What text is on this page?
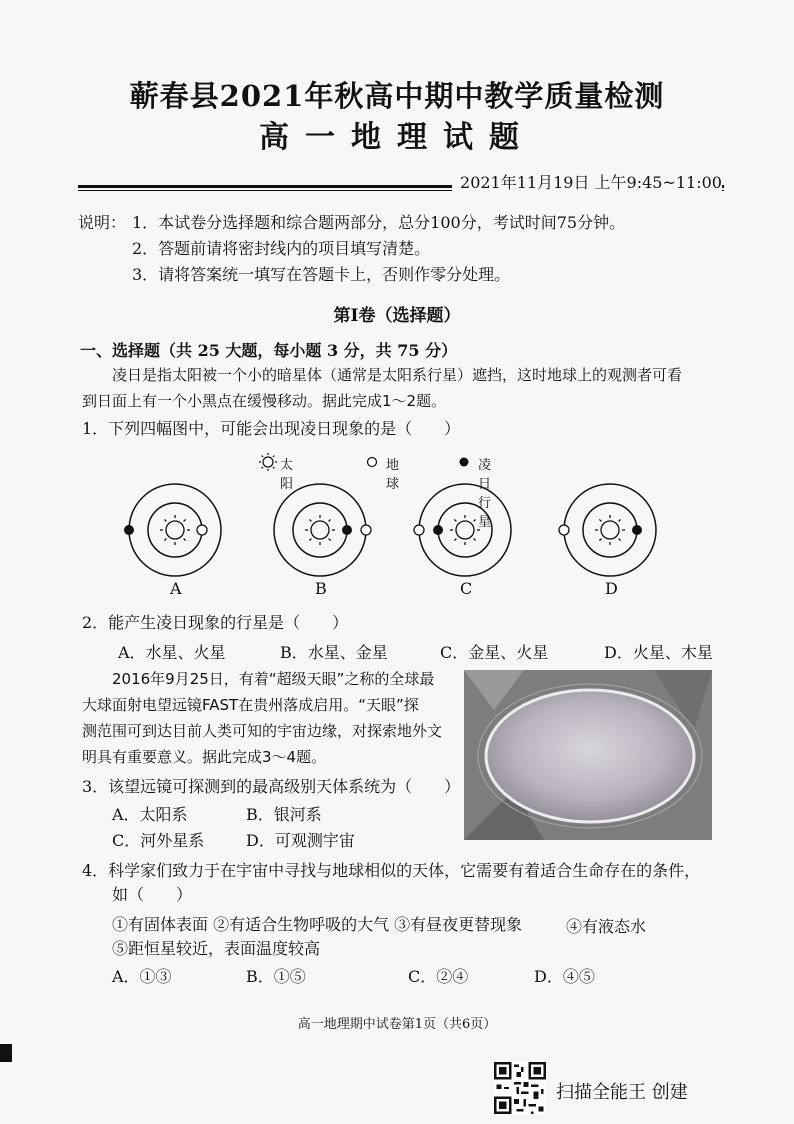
蕲春县2021年秋高中期中教学质量检测
高一地理试题
2021年11月19日 上午9:45~11:00
说明： 1．本试卷分选择题和综合题两部分，总分100分，考试时间75分钟。
2．答题前请将密封线内的项目填写清楚。
3．请将答案统一填写在答题卡上，否则作零分处理。
第Ⅰ卷（选择题）
一、选择题（共 25 大题，每小题 3 分，共 75 分）
凌日是指太阳被一个小的暗星体（通常是太阳系行星）遮挡，这时地球上的观测者可看
到日面上有一个小黑点在缓慢移动。据此完成1～2题。
1．下列四幅图中，可能会出现凌日现象的是（　　）
太阳
地球
凌日行星
A	B	C	D
2．能产生凌日现象的行星是（　　）
A．水星、火星	B．水星、金星	C．金星、火星	D．火星、木星
2016年9月25日，有着“超级天眼”之称的全球最
大球面射电望远镜FAST在贵州落成启用。“天眼”探
测范围可到达目前人类可知的宇宙边缘，对探索地外文
明具有重要意义。据此完成3～4题。
3．该望远镜可探测到的最高级别天体系统为（　　）
A．太阳系	B．银河系
C．河外星系	D．可观测宇宙
4．科学家们致力于在宇宙中寻找与地球相似的天体，它需要有着适合生命存在的条件，
如（　　）
①有固体表面 ②有适合生物呼吸的大气 ③有昼夜更替现象	④有液态水
⑤距恒星较近，表面温度较高
A．①③	B．①⑤	C．②④	D．④⑤
高一地理期中试卷第1页（共6页）
扫描全能王 创建
